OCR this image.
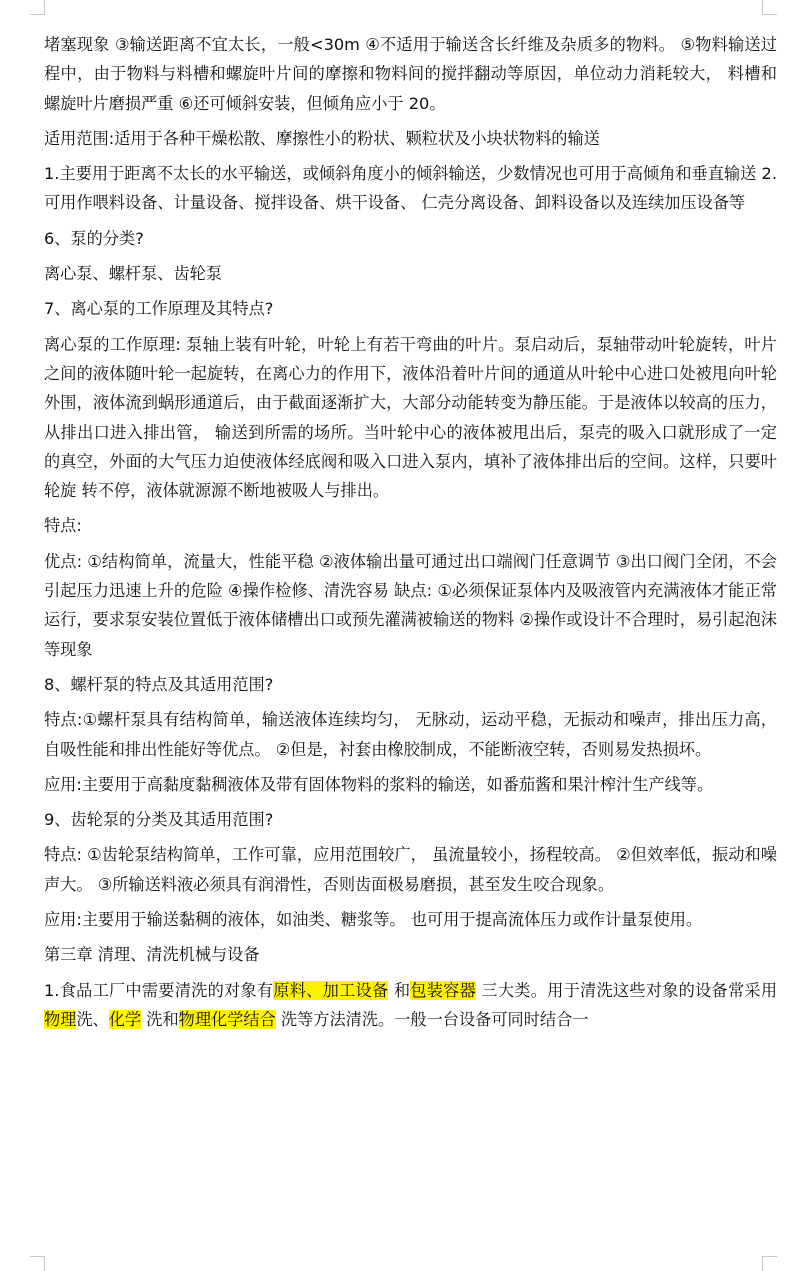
堵塞现象 ③输送距离不宜太长，一般<30m ④不适用于输送含长纤维及杂质多的物料。 ⑤物料输送过程中，由于物料与料槽和螺旋叶片间的摩擦和物料间的搅拌翻动等原因，单位动力消耗较大， 料槽和螺旋叶片磨损严重 ⑥还可倾斜安装，但倾角应小于 20。

适用范围:适用于各种干燥松散、摩擦性小的粉状、颗粒状及小块状物料的输送

1.主要用于距离不太长的水平输送，或倾斜角度小的倾斜输送，少数情况也可用于高倾角和垂直输送 2.可用作喂料设备、计量设备、搅拌设备、烘干设备、 仁壳分离设备、卸料设备以及连续加压设备等

6、泵的分类?

离心泵、螺杆泵、齿轮泵

7、离心泵的工作原理及其特点?

离心泵的工作原理: 泵轴上装有叶轮，叶轮上有若干弯曲的叶片。泵启动后，泵轴带动叶轮旋转，叶片之间的液体随叶轮一起旋转，在离心力的作用下，液体沿着叶片间的通道从叶轮中心进口处被甩向叶轮外围，液体流到蜗形通道后，由于截面逐渐扩大，大部分动能转变为静压能。于是液体以较高的压力，从排出口进入排出管， 输送到所需的场所。当叶轮中心的液体被甩出后，泵壳的吸入口就形成了一定的真空，外面的大气压力迫使液体经底阀和吸入口进入泵内，填补了液体排出后的空间。这样，只要叶轮旋 转不停，液体就源源不断地被吸人与排出。

特点:

优点: ①结构简单，流量大，性能平稳 ②液体输出量可通过出口端阀门任意调节 ③出口阀门全闭，不会引起压力迅速上升的危险 ④操作检修、清洗容易 缺点: ①必须保证泵体内及吸液管内充满液体才能正常运行，要求泵安装位置低于液体储槽出口或预先灌满被输送的物料 ②操作或设计不合理时，易引起泡沫等现象

8、螺杆泵的特点及其适用范围?

特点:①螺杆泵具有结构简单，输送液体连续均匀， 无脉动，运动平稳，无振动和噪声，排出压力高，自吸性能和排出性能好等优点。 ②但是，衬套由橡胶制成，不能断液空转，否则易发热损坏。

应用:主要用于高黏度黏稠液体及带有固体物料的浆料的输送，如番茄酱和果汁榨汁生产线等。

9、齿轮泵的分类及其适用范围?

特点: ①齿轮泵结构简单，工作可靠，应用范围较广， 虽流量较小，扬程较高。 ②但效率低，振动和噪声大。 ③所输送料液必须具有润滑性，否则齿面极易磨损，甚至发生咬合现象。

应用:主要用于输送黏稠的液体，如油类、糖浆等。 也可用于提高流体压力或作计量泵使用。

第三章 清理、清洗机械与设备

1.食品工厂中需要清洗的对象有原料、加工设备 和包装容器 三大类。用于清洗这些对象的设备常采用 物理洗、化学 洗和物理化学结合 洗等方法清洗。一般一台设备可同时结合一
